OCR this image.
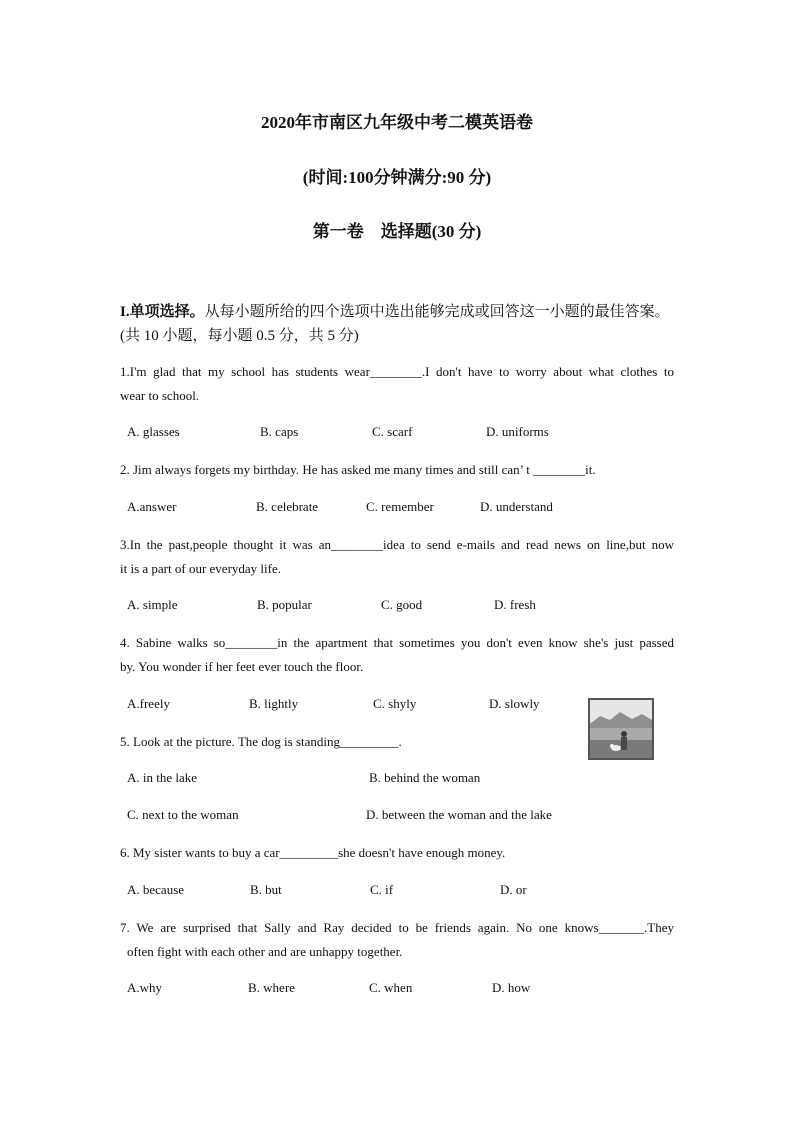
2020年市南区九年级中考二模英语卷
(时间:100分钟满分:90 分)
第一卷　选择题(30 分)
I.单项选择。从每小题所给的四个选项中选出能够完成或回答这一小题的最佳答案。(共 10 小题，每小题 0.5 分，共 5 分)
1.I'm glad that my school has students wear________.I don't have to worry about what clothes to
wear to school.
A. glasses	B. caps	C. scarf	D. uniforms
2. Jim always forgets my birthday. He has asked me many times and still can’ t ________it.
A.answer	B. celebrate	C. remember	D. understand
3.In the past,people thought it was an________idea to send e-mails and read news on line,but now
it is a part of our everyday life.
A. simple	B. popular	C. good	D. fresh
4. Sabine walks so________in the apartment that sometimes you don't even know she's just passed
by. You wonder if her feet ever touch the floor.
A.freely	B. lightly	C. shyly	D. slowly
5. Look at the picture. The dog is standing_________.
A. in the lake	B. behind the woman
C. next to the woman	D. between the woman and the lake
6. My sister wants to buy a car_________she doesn't have enough money.
A. because	B. but	C. if	D. or
7. We are surprised that Sally and Ray decided to be friends again. No one knows_______.They
often fight with each other and are unhappy together.
A.why	B. where	C. when	D. how
